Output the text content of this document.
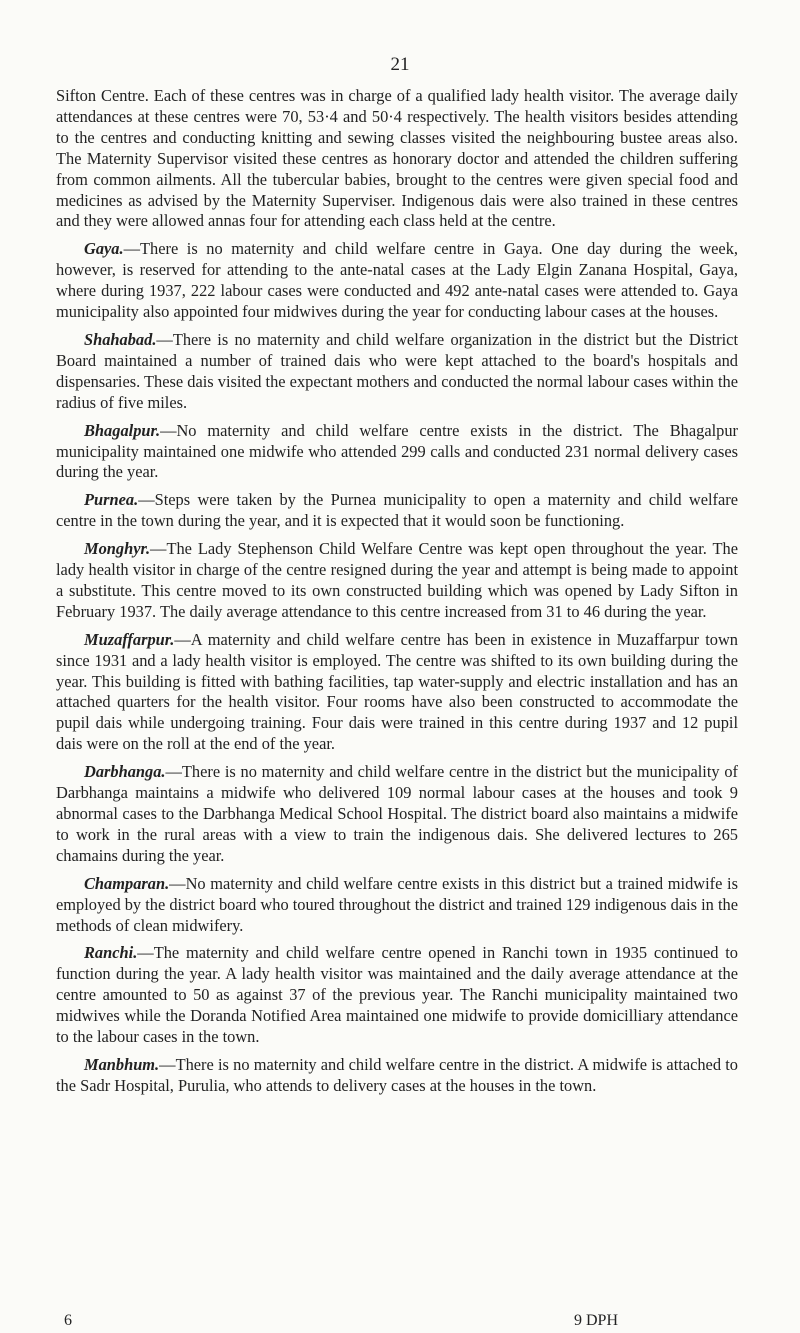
21

Sifton Centre. Each of these centres was in charge of a qualified lady health visitor. The average daily attendances at these centres were 70, 53·4 and 50·4 respectively. The health visitors besides attending to the centres and conducting knitting and sewing classes visited the neighbouring bustee areas also. The Maternity Supervisor visited these centres as honorary doctor and attended the children suffering from common ailments. All the tubercular babies, brought to the centres were given special food and medicines as advised by the Maternity Superviser. Indigenous dais were also trained in these centres and they were allowed annas four for attending each class held at the centre.

Gaya.—There is no maternity and child welfare centre in Gaya. One day during the week, however, is reserved for attending to the ante-natal cases at the Lady Elgin Zanana Hospital, Gaya, where during 1937, 222 labour cases were conducted and 492 ante-natal cases were attended to. Gaya municipality also appointed four midwives during the year for conducting labour cases at the houses.

Shahabad.—There is no maternity and child welfare organization in the district but the District Board maintained a number of trained dais who were kept attached to the board's hospitals and dispensaries. These dais visited the expectant mothers and conducted the normal labour cases within the radius of five miles.

Bhagalpur.—No maternity and child welfare centre exists in the district. The Bhagalpur municipality maintained one midwife who attended 299 calls and conducted 231 normal delivery cases during the year.

Purnea.—Steps were taken by the Purnea municipality to open a maternity and child welfare centre in the town during the year, and it is expected that it would soon be functioning.

Monghyr.—The Lady Stephenson Child Welfare Centre was kept open throughout the year. The lady health visitor in charge of the centre resigned during the year and attempt is being made to appoint a substitute. This centre moved to its own constructed building which was opened by Lady Sifton in February 1937. The daily average attendance to this centre increased from 31 to 46 during the year.

Muzaffarpur.—A maternity and child welfare centre has been in existence in Muzaffarpur town since 1931 and a lady health visitor is employed. The centre was shifted to its own building during the year. This building is fitted with bathing facilities, tap water-supply and electric installation and has an attached quarters for the health visitor. Four rooms have also been constructed to accommodate the pupil dais while undergoing training. Four dais were trained in this centre during 1937 and 12 pupil dais were on the roll at the end of the year.

Darbhanga.—There is no maternity and child welfare centre in the district but the municipality of Darbhanga maintains a midwife who delivered 109 normal labour cases at the houses and took 9 abnormal cases to the Darbhanga Medical School Hospital. The district board also maintains a midwife to work in the rural areas with a view to train the indigenous dais. She delivered lectures to 265 chamains during the year.

Champaran.—No maternity and child welfare centre exists in this district but a trained midwife is employed by the district board who toured throughout the district and trained 129 indigenous dais in the methods of clean midwifery.

Ranchi.—The maternity and child welfare centre opened in Ranchi town in 1935 continued to function during the year. A lady health visitor was maintained and the daily average attendance at the centre amounted to 50 as against 37 of the previous year. The Ranchi municipality maintained two midwives while the Doranda Notified Area maintained one midwife to provide domicilliary attendance to the labour cases in the town.

Manbhum.—There is no maternity and child welfare centre in the district. A midwife is attached to the Sadr Hospital, Purulia, who attends to delivery cases at the houses in the town.

6	9 DPH
